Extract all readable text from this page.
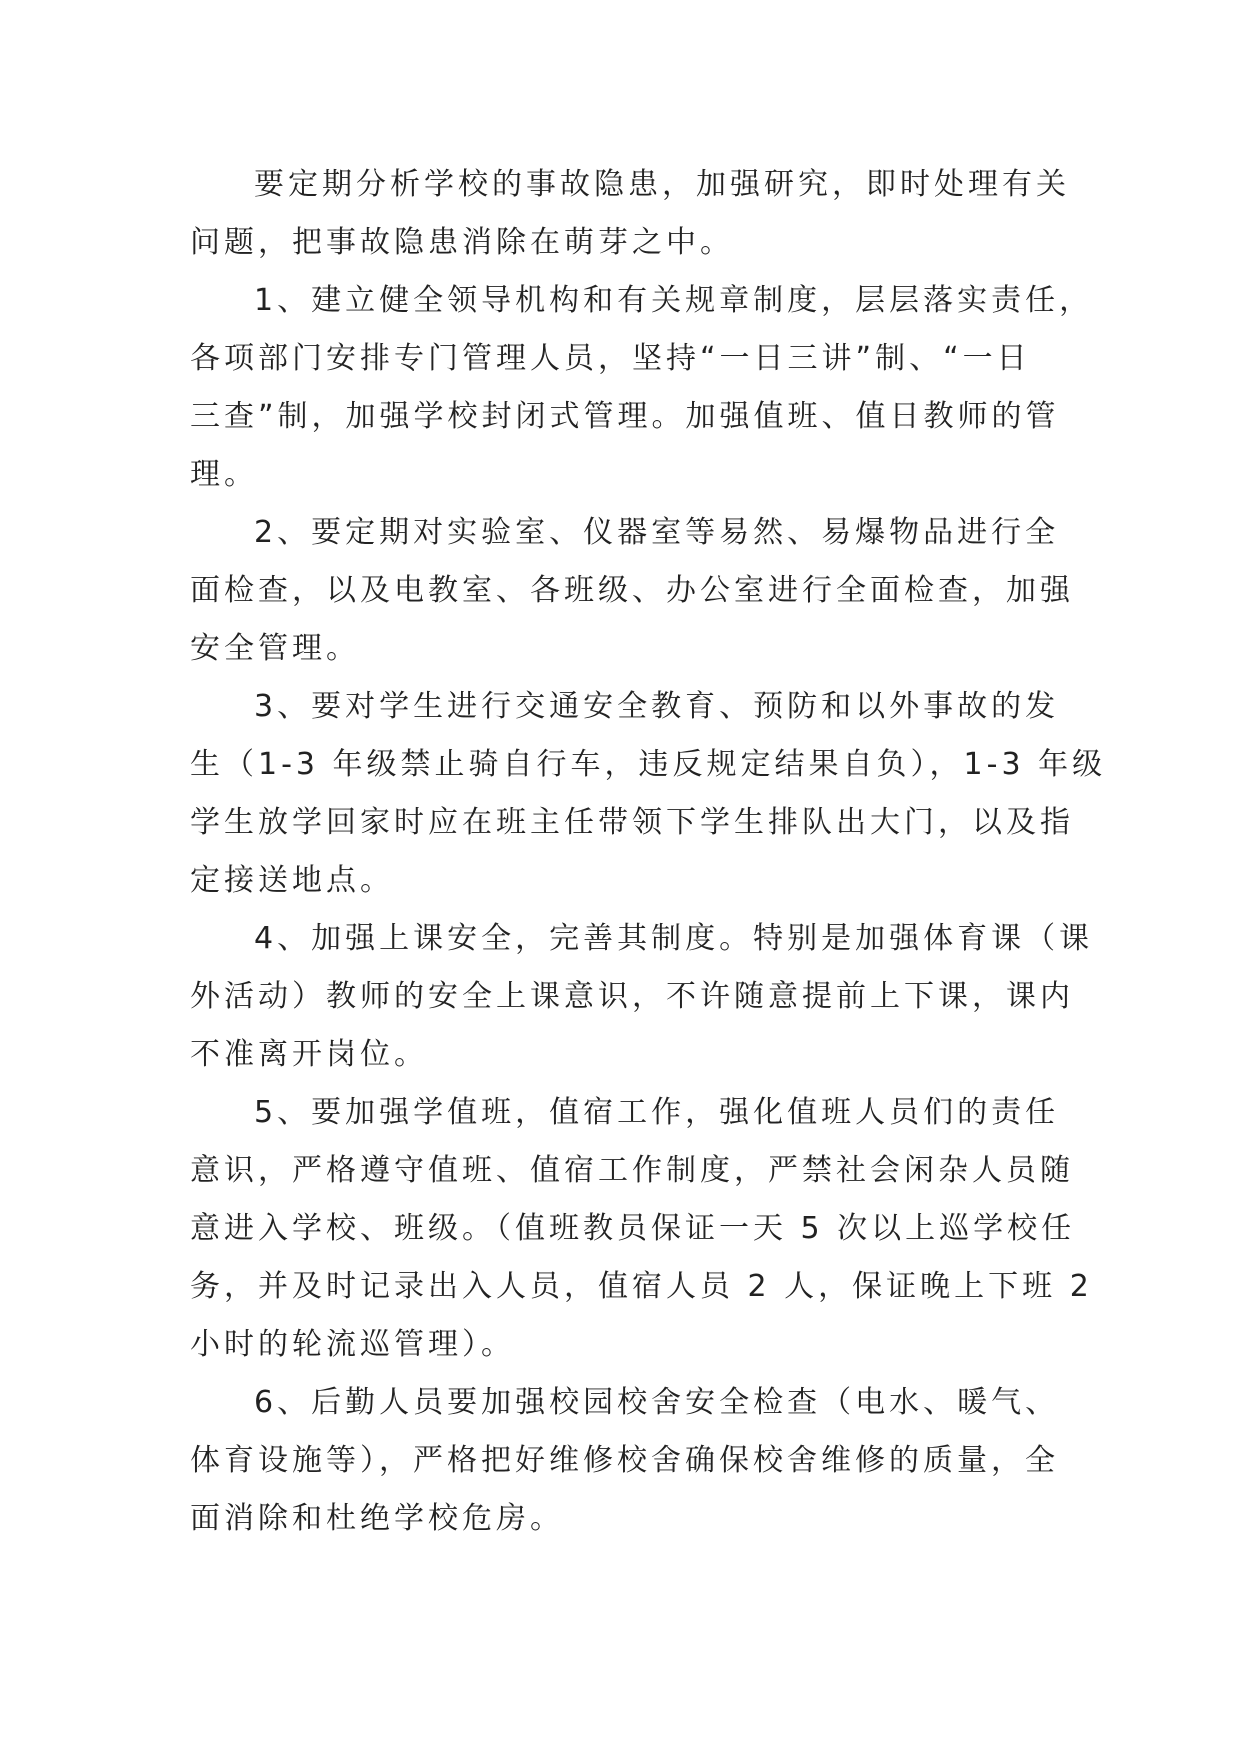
要定期分析学校的事故隐患，加强研究，即时处理有关
问题，把事故隐患消除在萌芽之中。
1、建立健全领导机构和有关规章制度，层层落实责任，
各项部门安排专门管理人员，坚持“一日三讲”制、“一日
三查”制，加强学校封闭式管理。加强值班、值日教师的管
理。
2、要定期对实验室、仪器室等易然、易爆物品进行全
面检查，以及电教室、各班级、办公室进行全面检查，加强
安全管理。
3、要对学生进行交通安全教育、预防和以外事故的发
生（1-3 年级禁止骑自行车，违反规定结果自负），1-3 年级
学生放学回家时应在班主任带领下学生排队出大门，以及指
定接送地点。
4、加强上课安全，完善其制度。特别是加强体育课（课
外活动）教师的安全上课意识，不许随意提前上下课，课内
不准离开岗位。
5、要加强学值班，值宿工作，强化值班人员们的责任
意识，严格遵守值班、值宿工作制度，严禁社会闲杂人员随
意进入学校、班级。（值班教员保证一天 5 次以上巡学校任
务，并及时记录出入人员，值宿人员 2 人，保证晚上下班 2
小时的轮流巡管理）。
6、后勤人员要加强校园校舍安全检查（电水、暖气、
体育设施等），严格把好维修校舍确保校舍维修的质量，全
面消除和杜绝学校危房。
